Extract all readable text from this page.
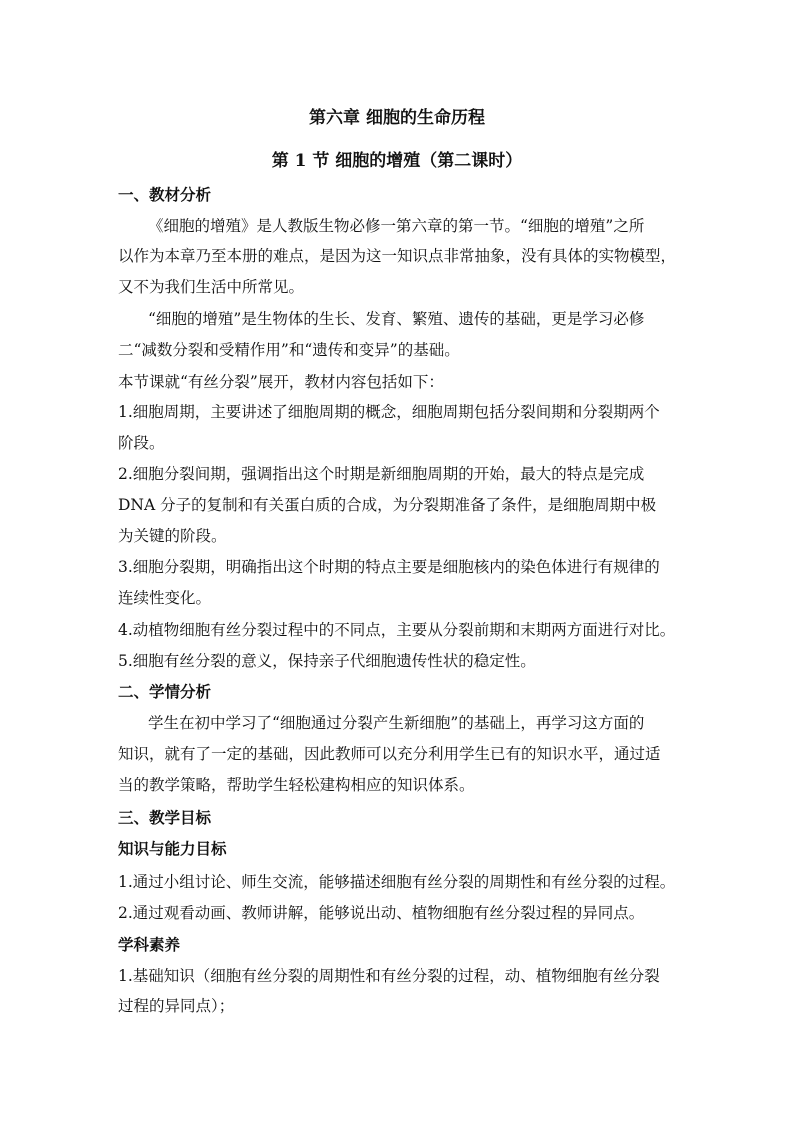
第六章 细胞的生命历程
第 1 节 细胞的增殖（第二课时）
一、教材分析
《细胞的增殖》是人教版生物必修一第六章的第一节。“细胞的增殖”之所
以作为本章乃至本册的难点，是因为这一知识点非常抽象，没有具体的实物模型，
又不为我们生活中所常见。
“细胞的增殖”是生物体的生长、发育、繁殖、遗传的基础，更是学习必修
二“减数分裂和受精作用”和“遗传和变异”的基础。
本节课就“有丝分裂”展开，教材内容包括如下：
1.细胞周期，主要讲述了细胞周期的概念，细胞周期包括分裂间期和分裂期两个
阶段。
2.细胞分裂间期，强调指出这个时期是新细胞周期的开始，最大的特点是完成
DNA 分子的复制和有关蛋白质的合成，为分裂期准备了条件，是细胞周期中极
为关键的阶段。
3.细胞分裂期，明确指出这个时期的特点主要是细胞核内的染色体进行有规律的
连续性变化。
4.动植物细胞有丝分裂过程中的不同点，主要从分裂前期和末期两方面进行对比。
5.细胞有丝分裂的意义，保持亲子代细胞遗传性状的稳定性。
二、学情分析
学生在初中学习了“细胞通过分裂产生新细胞”的基础上，再学习这方面的
知识，就有了一定的基础，因此教师可以充分利用学生已有的知识水平，通过适
当的教学策略，帮助学生轻松建构相应的知识体系。
三、教学目标
知识与能力目标
1.通过小组讨论、师生交流，能够描述细胞有丝分裂的周期性和有丝分裂的过程。
2.通过观看动画、教师讲解，能够说出动、植物细胞有丝分裂过程的异同点。
学科素养
1.基础知识（细胞有丝分裂的周期性和有丝分裂的过程，动、植物细胞有丝分裂
过程的异同点）；
